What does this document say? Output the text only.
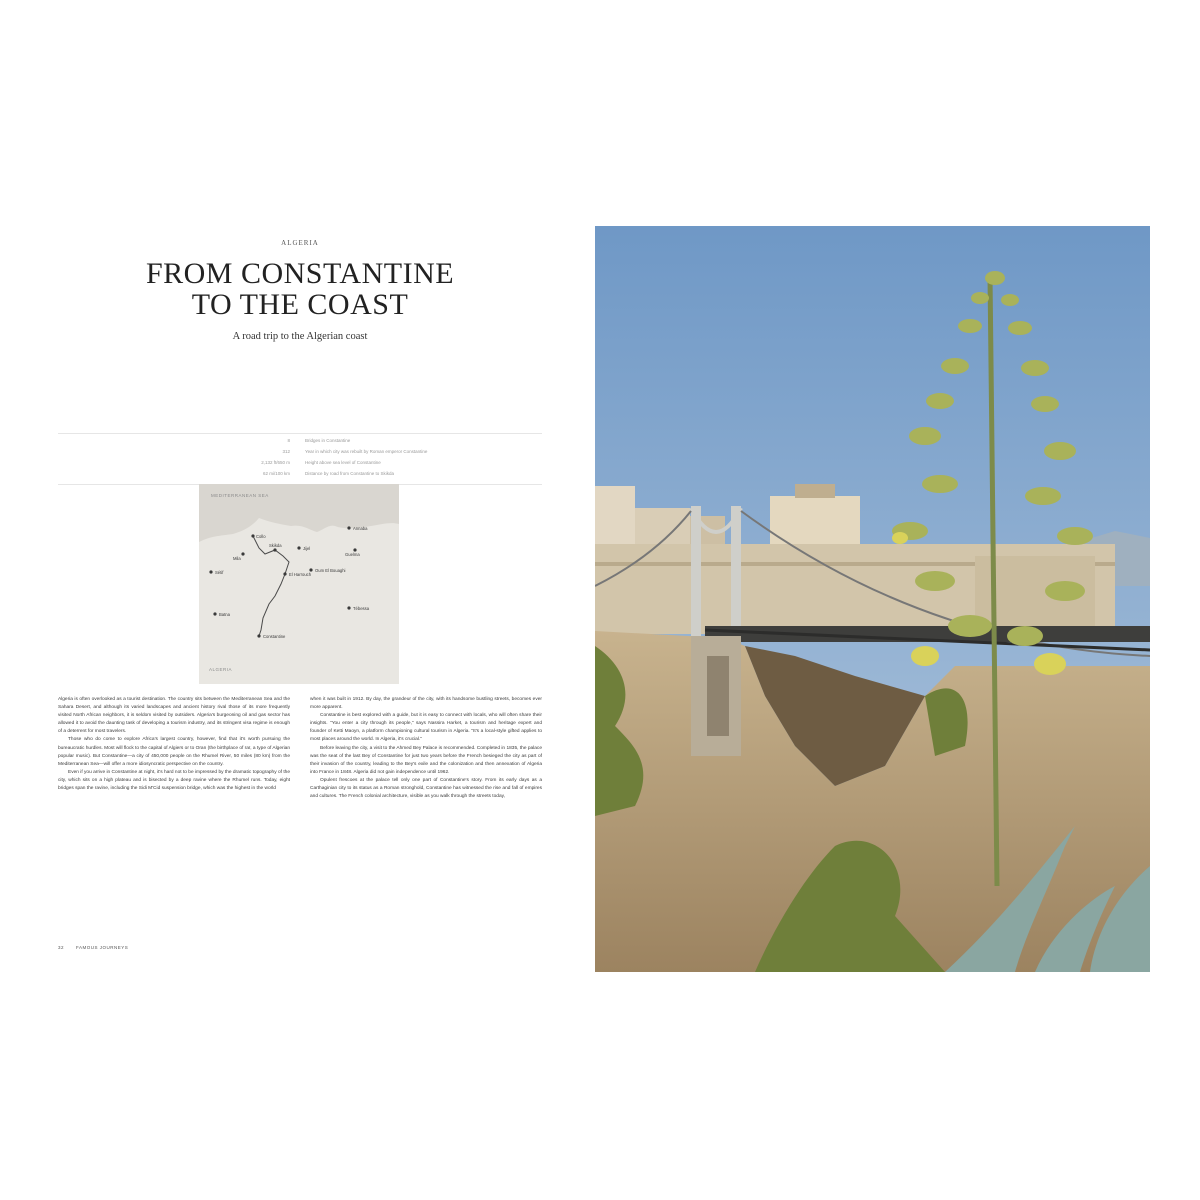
ALGERIA
FROM CONSTANTINE
TO THE COAST
A road trip to the Algerian coast
8	Bridges in Constantine
312	Year in which city was rebuilt by Roman emperor Constantine
2,132 ft/650 m	Height above sea level of Constantine
62 mi/100 km	Distance by road from Constantine to Skikda
MEDITERRANEAN SEA
ALGERIA
Collo
Skikda
Annaba
Mila
Constantine
Guelma
Sétif	El Harrouch
Batna
Jijel
Tébessa
Oum El Bouaghi

Algeria is often overlooked as a tourist destination. The country sits between the Mediterranean Sea and the Sahara Desert, and although its varied landscapes and ancient history rival those of its more frequently visited North African neighbors, it is seldom visited by outsiders. Algeria's burgeoning oil and gas sector has allowed it to avoid the daunting task of developing a tourism industry, and its stringent visa regime is enough of a deterrent for most travelers.

Those who do come to explore Africa's largest country, however, find that it's worth pursuing the bureaucratic hurdles. Most will flock to the capital of Algiers or to Oran (the birthplace of raï, a type of Algerian popular music). But Constantine—a city of 450,000 people on the Rhumel River, 50 miles (80 km) from the Mediterranean Sea—will offer a more idiosyncratic perspective on the country.

Even if you arrive in Constantine at night, it's hard not to be impressed by the dramatic topography of the city, which sits on a high plateau and is bisected by a deep ravine where the Rhumel runs. Today, eight bridges span the ravine, including the Sidi M'Cid suspension bridge, which was the highest in the world

when it was built in 1912. By day, the grandeur of the city, with its handsome bustling streets, becomes ever more apparent.

Constantine is best explored with a guide, but it is easy to connect with locals, who will often share their insights. "You enter a city through its people," says Nassira Harket, a tourism and heritage expert and founder of Ketti Maoyn, a platform championing cultural tourism in Algeria. "It's a local-style gifted applies to most places around the world. In Algeria, it's crucial."

Before leaving the city, a visit to the Ahmed Bey Palace is recommended. Completed in 1835, the palace was the seat of the last Bey of Constantine for just two years before the French besieged the city as part of their invasion of the country, leading to the Bey's exile and the colonization and then annexation of Algeria into France in 1848. Algeria did not gain independence until 1962.

Opulent frescoes at the palace tell only one part of Constantine's story. From its early days as a Carthaginian city to its status as a Roman stronghold, Constantine has witnessed the rise and fall of empires and cultures. The French colonial architecture, visible as you walk through the streets today,

32	FAMOUS JOURNEYS
